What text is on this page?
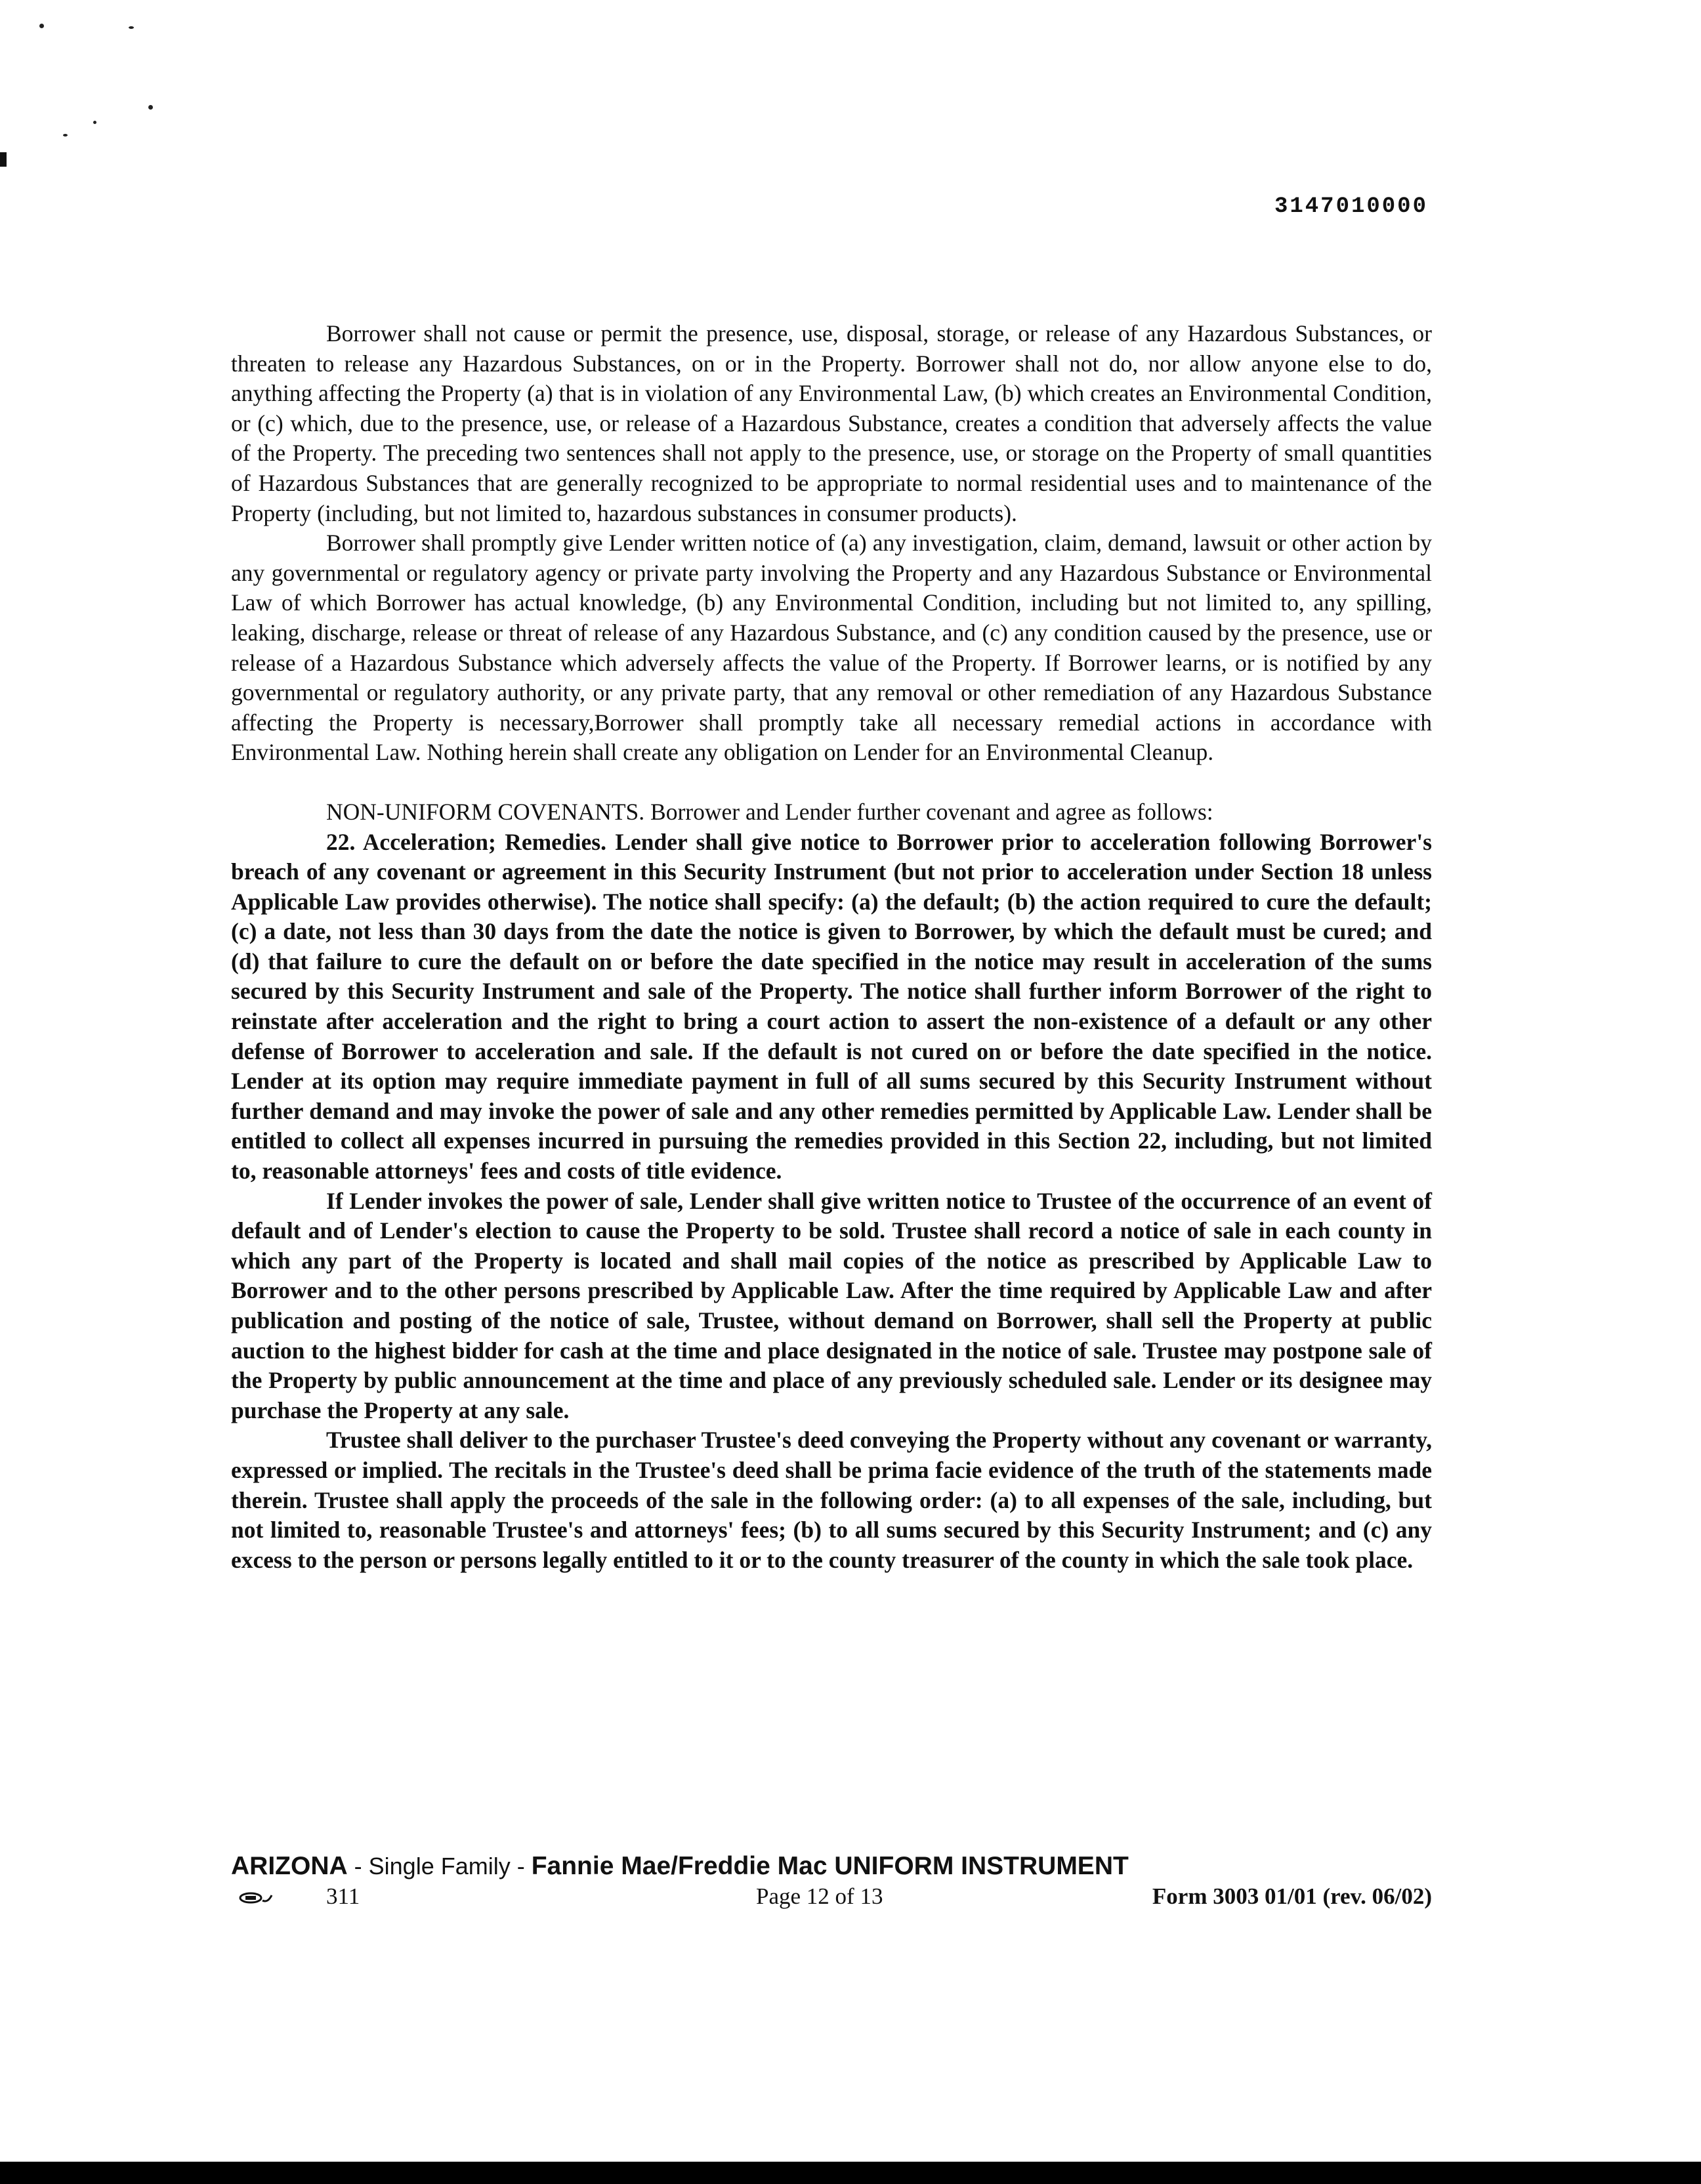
3147010000

Borrower shall not cause or permit the presence, use, disposal, storage, or release of any Hazardous Substances, or threaten to release any Hazardous Substances, on or in the Property. Borrower shall not do, nor allow anyone else to do, anything affecting the Property (a) that is in violation of any Environmental Law, (b) which creates an Environmental Condition, or (c) which, due to the presence, use, or release of a Hazardous Substance, creates a condition that adversely affects the value of the Property. The preceding two sentences shall not apply to the presence, use, or storage on the Property of small quantities of Hazardous Substances that are generally recognized to be appropriate to normal residential uses and to maintenance of the Property (including, but not limited to, hazardous substances in consumer products).

Borrower shall promptly give Lender written notice of (a) any investigation, claim, demand, lawsuit or other action by any governmental or regulatory agency or private party involving the Property and any Hazardous Substance or Environmental Law of which Borrower has actual knowledge, (b) any Environmental Condition, including but not limited to, any spilling, leaking, discharge, release or threat of release of any Hazardous Substance, and (c) any condition caused by the presence, use or release of a Hazardous Substance which adversely affects the value of the Property. If Borrower learns, or is notified by any governmental or regulatory authority, or any private party, that any removal or other remediation of any Hazardous Substance affecting the Property is necessary,Borrower shall promptly take all necessary remedial actions in accordance with Environmental Law. Nothing herein shall create any obligation on Lender for an Environmental Cleanup.

NON-UNIFORM COVENANTS. Borrower and Lender further covenant and agree as follows:

22. Acceleration; Remedies. Lender shall give notice to Borrower prior to acceleration following Borrower's breach of any covenant or agreement in this Security Instrument (but not prior to acceleration under Section 18 unless Applicable Law provides otherwise). The notice shall specify: (a) the default; (b) the action required to cure the default; (c) a date, not less than 30 days from the date the notice is given to Borrower, by which the default must be cured; and (d) that failure to cure the default on or before the date specified in the notice may result in acceleration of the sums secured by this Security Instrument and sale of the Property. The notice shall further inform Borrower of the right to reinstate after acceleration and the right to bring a court action to assert the non-existence of a default or any other defense of Borrower to acceleration and sale. If the default is not cured on or before the date specified in the notice. Lender at its option may require immediate payment in full of all sums secured by this Security Instrument without further demand and may invoke the power of sale and any other remedies permitted by Applicable Law. Lender shall be entitled to collect all expenses incurred in pursuing the remedies provided in this Section 22, including, but not limited to, reasonable attorneys' fees and costs of title evidence.

If Lender invokes the power of sale, Lender shall give written notice to Trustee of the occurrence of an event of default and of Lender's election to cause the Property to be sold. Trustee shall record a notice of sale in each county in which any part of the Property is located and shall mail copies of the notice as prescribed by Applicable Law to Borrower and to the other persons prescribed by Applicable Law. After the time required by Applicable Law and after publication and posting of the notice of sale, Trustee, without demand on Borrower, shall sell the Property at public auction to the highest bidder for cash at the time and place designated in the notice of sale. Trustee may postpone sale of the Property by public announcement at the time and place of any previously scheduled sale. Lender or its designee may purchase the Property at any sale.

Trustee shall deliver to the purchaser Trustee's deed conveying the Property without any covenant or warranty, expressed or implied. The recitals in the Trustee's deed shall be prima facie evidence of the truth of the statements made therein. Trustee shall apply the proceeds of the sale in the following order: (a) to all expenses of the sale, including, but not limited to, reasonable Trustee's and attorneys' fees; (b) to all sums secured by this Security Instrument; and (c) any excess to the person or persons legally entitled to it or to the county treasurer of the county in which the sale took place.

ARIZONA - Single Family - Fannie Mae/Freddie Mac UNIFORM INSTRUMENT
311	Page 12 of 13	Form 3003 01/01 (rev. 06/02)
